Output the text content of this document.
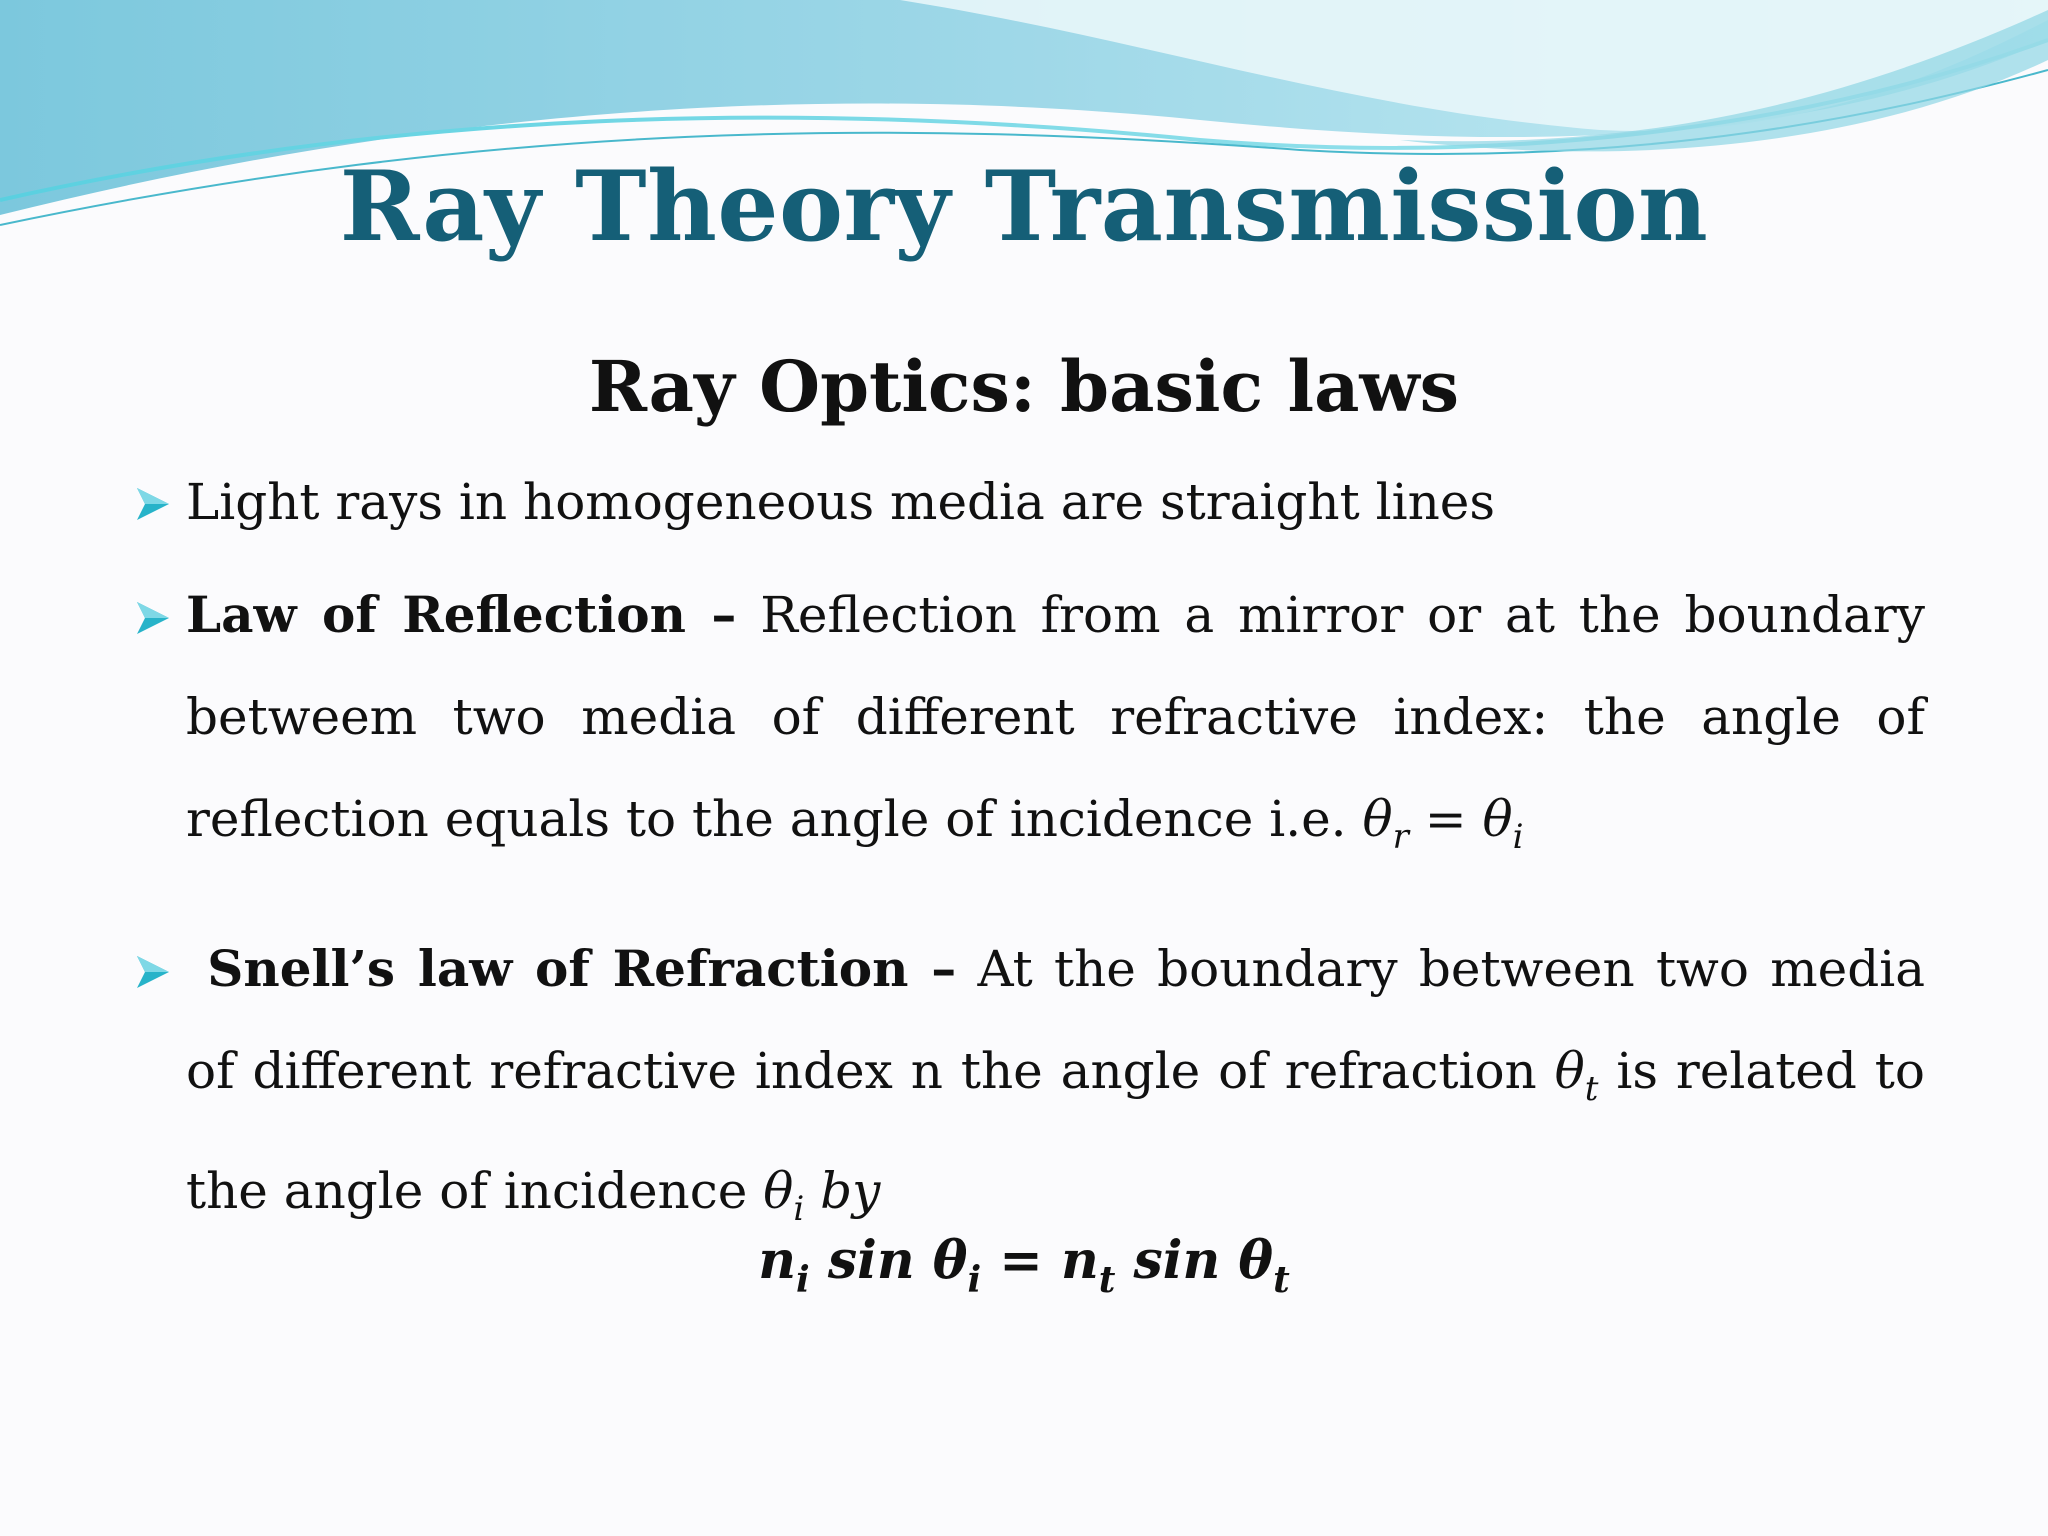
Ray Theory Transmission
Ray Optics: basic laws
Light rays in homogeneous media are straight lines
Law of Reflection – Reflection from a mirror or at the boundary betweem two media of different refractive index: the angle of reflection equals to the angle of incidence i.e. $\theta_r = \theta_i$
Snell’s law of Refraction – At the boundary between two media of different refractive index n the angle of refraction $\theta_t$ is related to the angle of incidence $\theta_i$ by
$n_i$ $\sin \theta_i = n_t$ $\sin \theta_t$
